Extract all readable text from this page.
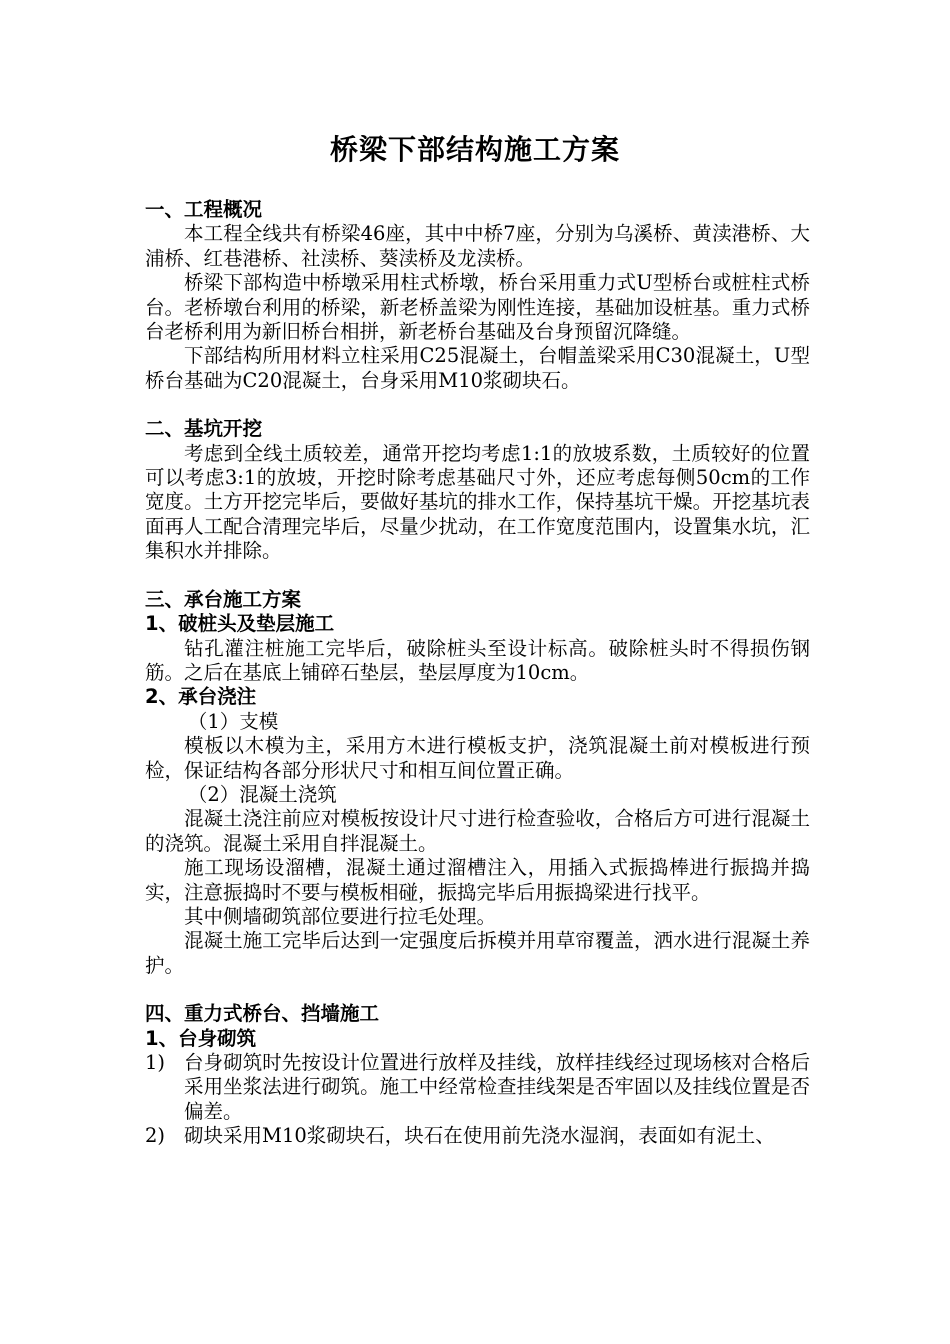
桥梁下部结构施工方案
一、工程概况
本工程全线共有桥梁46座，其中中桥7座，分别为乌溪桥、黄渎港桥、大浦桥、红巷港桥、社渎桥、葵渎桥及龙渎桥。
桥梁下部构造中桥墩采用柱式桥墩，桥台采用重力式U型桥台或桩柱式桥台。老桥墩台利用的桥梁，新老桥盖梁为刚性连接，基础加设桩基。重力式桥台老桥利用为新旧桥台相拼，新老桥台基础及台身预留沉降缝。
下部结构所用材料立柱采用C25混凝土，台帽盖梁采用C30混凝土，U型桥台基础为C20混凝土，台身采用M10浆砌块石。
二、基坑开挖
考虑到全线土质较差，通常开挖均考虑1:1的放坡系数，土质较好的位置可以考虑3:1的放坡，开挖时除考虑基础尺寸外，还应考虑每侧50cm的工作宽度。土方开挖完毕后，要做好基坑的排水工作，保持基坑干燥。开挖基坑表面再人工配合清理完毕后，尽量少扰动，在工作宽度范围内，设置集水坑，汇集积水并排除。
三、承台施工方案
1、破桩头及垫层施工
钻孔灌注桩施工完毕后，破除桩头至设计标高。破除桩头时不得损伤钢筋。之后在基底上铺碎石垫层，垫层厚度为10cm。
2、承台浇注
（1）支模
模板以木模为主，采用方木进行模板支护，浇筑混凝土前对模板进行预检，保证结构各部分形状尺寸和相互间位置正确。
（2）混凝土浇筑
混凝土浇注前应对模板按设计尺寸进行检查验收，合格后方可进行混凝土的浇筑。混凝土采用自拌混凝土。
施工现场设溜槽，混凝土通过溜槽注入，用插入式振捣棒进行振捣并捣实，注意振捣时不要与模板相碰，振捣完毕后用振捣梁进行找平。
其中侧墙砌筑部位要进行拉毛处理。
混凝土施工完毕后达到一定强度后拆模并用草帘覆盖，洒水进行混凝土养护。
四、重力式桥台、挡墙施工
1、台身砌筑
1) 台身砌筑时先按设计位置进行放样及挂线，放样挂线经过现场核对合格后采用坐浆法进行砌筑。施工中经常检查挂线架是否牢固以及挂线位置是否偏差。
2) 砌块采用M10浆砌块石，块石在使用前先浇水湿润，表面如有泥土、
